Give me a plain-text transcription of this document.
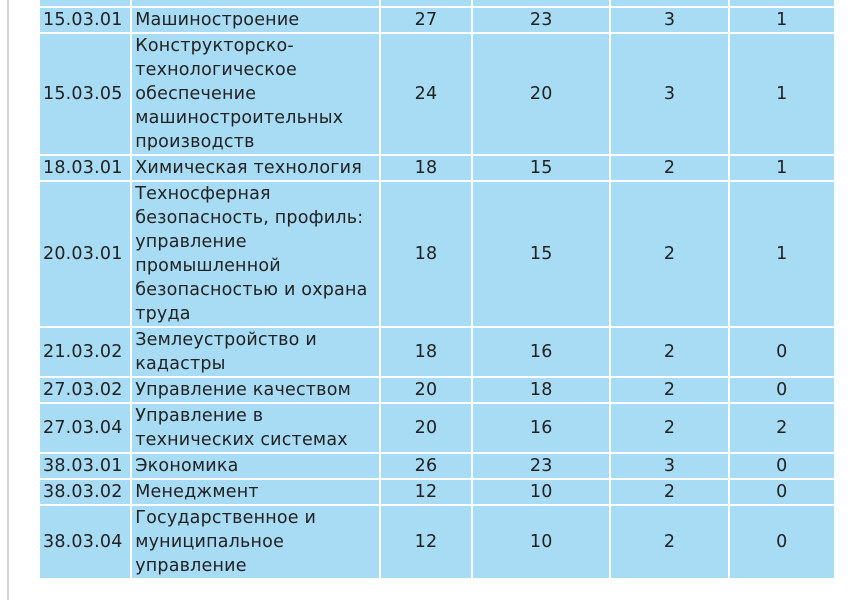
15.03.01	Машиностроение	27	23	3	1
15.03.05	Конструкторско-технологическое обеспечение машиностроительных производств	24	20	3	1
18.03.01	Химическая технология	18	15	2	1
20.03.01	Техносферная безопасность, профиль: управление промышленной безопасностью и охрана труда	18	15	2	1
21.03.02	Землеустройство и кадастры	18	16	2	0
27.03.02	Управление качеством	20	18	2	0
27.03.04	Управление в технических системах	20	16	2	2
38.03.01	Экономика	26	23	3	0
38.03.02	Менеджмент	12	10	2	0
38.03.04	Государственное и муниципальное управление	12	10	2	0
